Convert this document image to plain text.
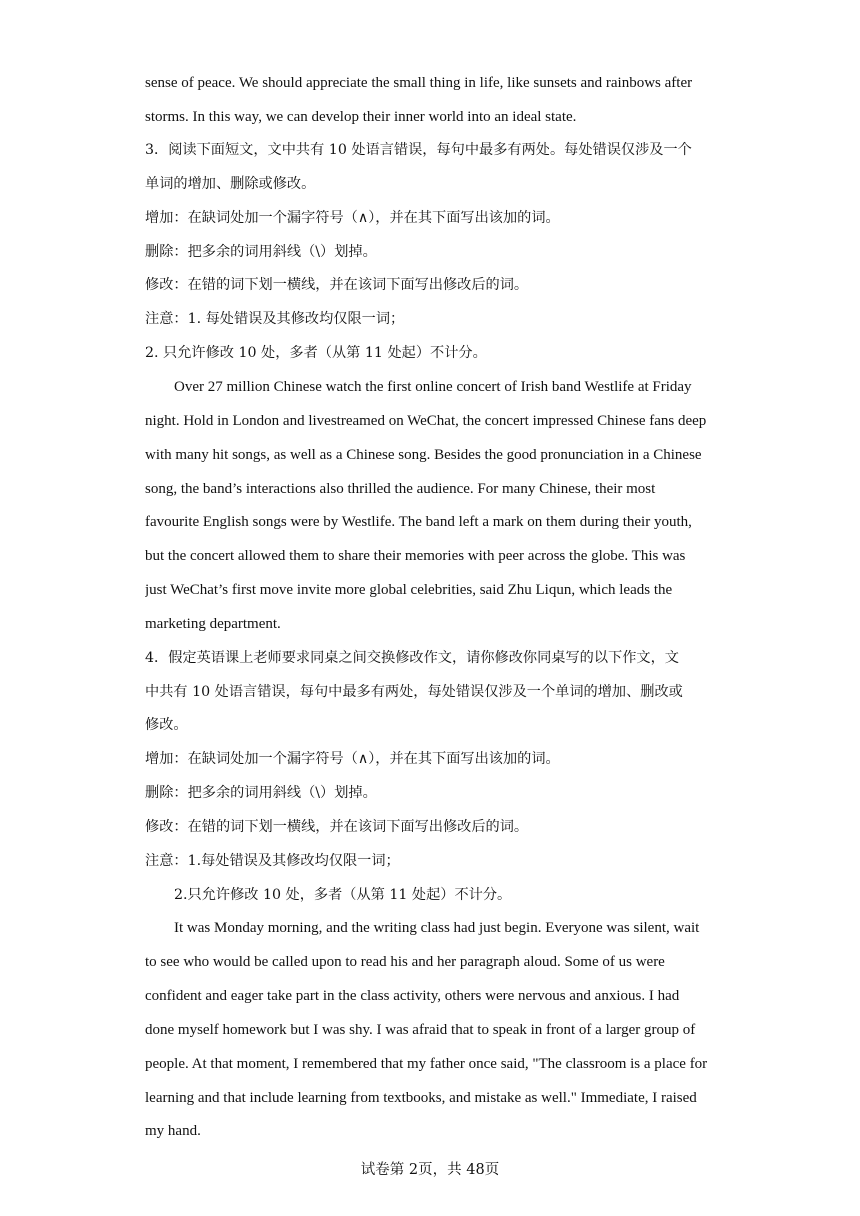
sense of peace. We should appreciate the small thing in life, like sunsets and rainbows after
storms. In this way, we can develop their inner world into an ideal state.
3．阅读下面短文，文中共有 10 处语言错误，每句中最多有两处。每处错误仅涉及一个
单词的增加、删除或修改。
增加：在缺词处加一个漏字符号（∧），并在其下面写出该加的词。
删除：把多余的词用斜线（\）划掉。
修改：在错的词下划一横线，并在该词下面写出修改后的词。
注意：1. 每处错误及其修改均仅限一词；
2. 只允许修改 10 处，多者（从第 11 处起）不计分。
Over 27 million Chinese watch the first online concert of Irish band Westlife at Friday
night. Hold in London and livestreamed on WeChat, the concert impressed Chinese fans deep
with many hit songs, as well as a Chinese song. Besides the good pronunciation in a Chinese
song, the band’s interactions also thrilled the audience. For many Chinese, their most
favourite English songs were by Westlife. The band left a mark on them during their youth,
but the concert allowed them to share their memories with peer across the globe. This was
just WeChat’s first move invite more global celebrities, said Zhu Liqun, which leads the
marketing department.
4．假定英语课上老师要求同桌之间交换修改作文，请你修改你同桌写的以下作文，文
中共有 10 处语言错误，每句中最多有两处，每处错误仅涉及一个单词的增加、删改或
修改。
增加：在缺词处加一个漏字符号（∧），并在其下面写出该加的词。
删除：把多余的词用斜线（\）划掉。
修改：在错的词下划一横线，并在该词下面写出修改后的词。
注意：1.每处错误及其修改均仅限一词；
2.只允许修改 10 处，多者（从第 11 处起）不计分。
It was Monday morning, and the writing class had just begin. Everyone was silent, wait
to see who would be called upon to read his and her paragraph aloud. Some of us were
confident and eager take part in the class activity, others were nervous and anxious. I had
done myself homework but I was shy. I was afraid that to speak in front of a larger group of
people. At that moment, I remembered that my father once said, "The classroom is a place for
learning and that include learning from textbooks, and mistake as well." Immediate, I raised
my hand.
试卷第 2页，共 48页
